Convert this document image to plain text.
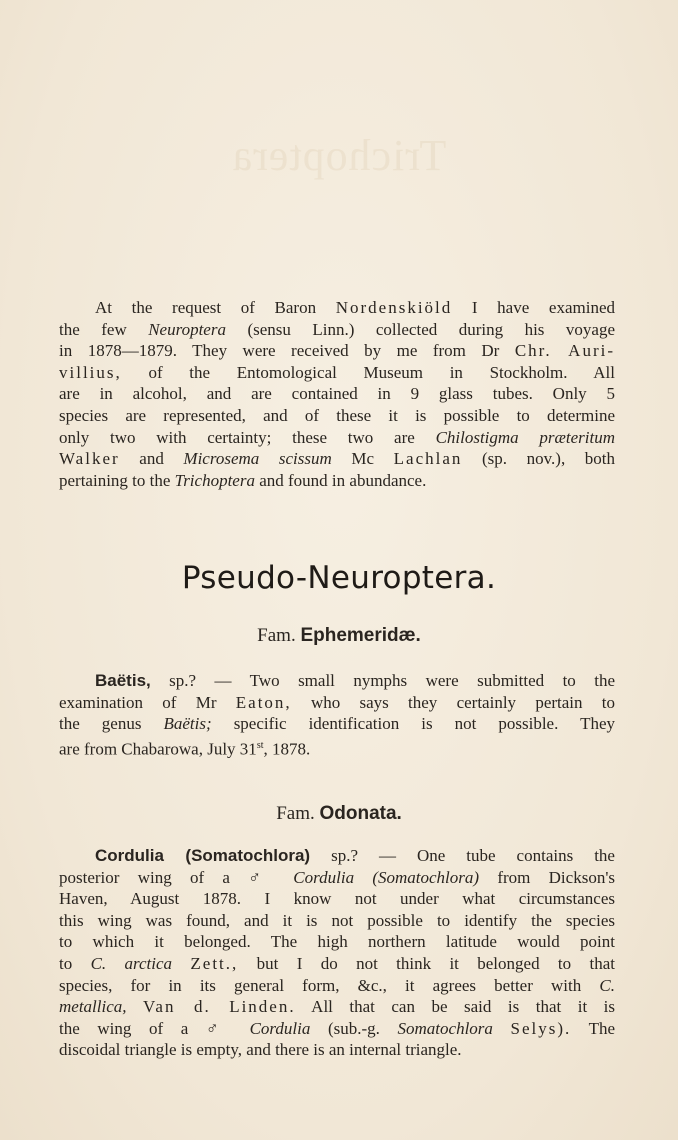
Trichoptera
At the request of Baron Nordenskiöld I have examined
the few Neuroptera (sensu Linn.) collected during his voyage
in 1878—1879. They were received by me from Dr Chr. Auri-
villius, of the Entomological Museum in Stockholm. All
are in alcohol, and are contained in 9 glass tubes. Only 5
species are represented, and of these it is possible to determine
only two with certainty; these two are Chilostigma præteritum
Walker and Microsema scissum Mc Lachlan (sp. nov.), both
pertaining to the Trichoptera and found in abundance.
Pseudo-Neuroptera.
Fam. Ephemeridæ.
Baëtis, sp.? — Two small nymphs were submitted to the
examination of Mr Eaton, who says they certainly pertain to
the genus Baëtis; specific identification is not possible. They
are from Chabarowa, July 31st, 1878.
Fam. Odonata.
Cordulia (Somatochlora) sp.? — One tube contains the
posterior wing of a ♂ Cordulia (Somatochlora) from Dickson's
Haven, August 1878. I know not under what circumstances
this wing was found, and it is not possible to identify the species
to which it belonged. The high northern latitude would point
to C. arctica Zett., but I do not think it belonged to that
species, for in its general form, &c., it agrees better with C.
metallica, Van d. Linden. All that can be said is that it is
the wing of a ♂ Cordulia (sub.-g. Somatochlora Selys). The
discoidal triangle is empty, and there is an internal triangle.
